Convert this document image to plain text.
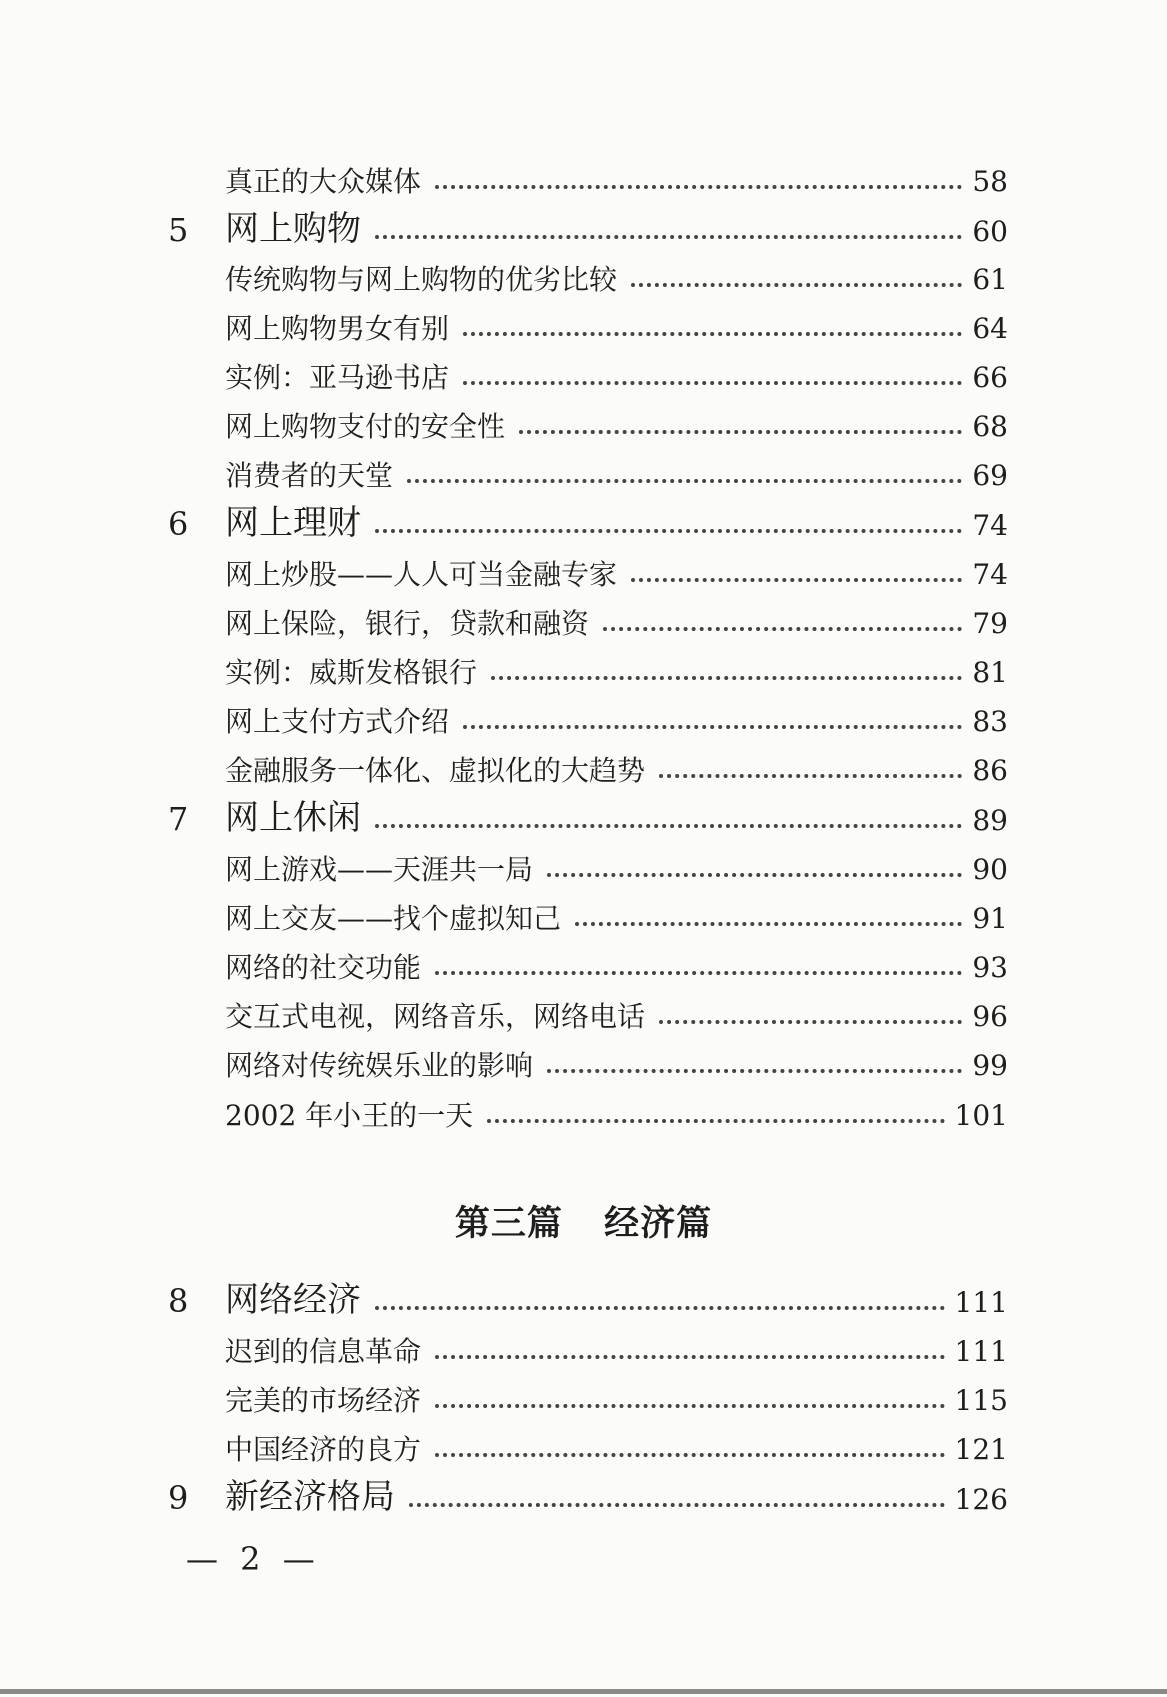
真正的大众媒体	58
5	网上购物	60
传统购物与网上购物的优劣比较	61
网上购物男女有别	64
实例：亚马逊书店	66
网上购物支付的安全性	68
消费者的天堂	69
6	网上理财	74
网上炒股——人人可当金融专家	74
网上保险，银行，贷款和融资	79
实例：威斯发格银行	81
网上支付方式介绍	83
金融服务一体化、虚拟化的大趋势	86
7	网上休闲	89
网上游戏——天涯共一局	90
网上交友——找个虚拟知己	91
网络的社交功能	93
交互式电视，网络音乐，网络电话	96
网络对传统娱乐业的影响	99
2002 年小王的一天	101
第三篇 经济篇
8	网络经济	111
迟到的信息革命	111
完美的市场经济	115
中国经济的良方	121
9	新经济格局	126
— 2 —
